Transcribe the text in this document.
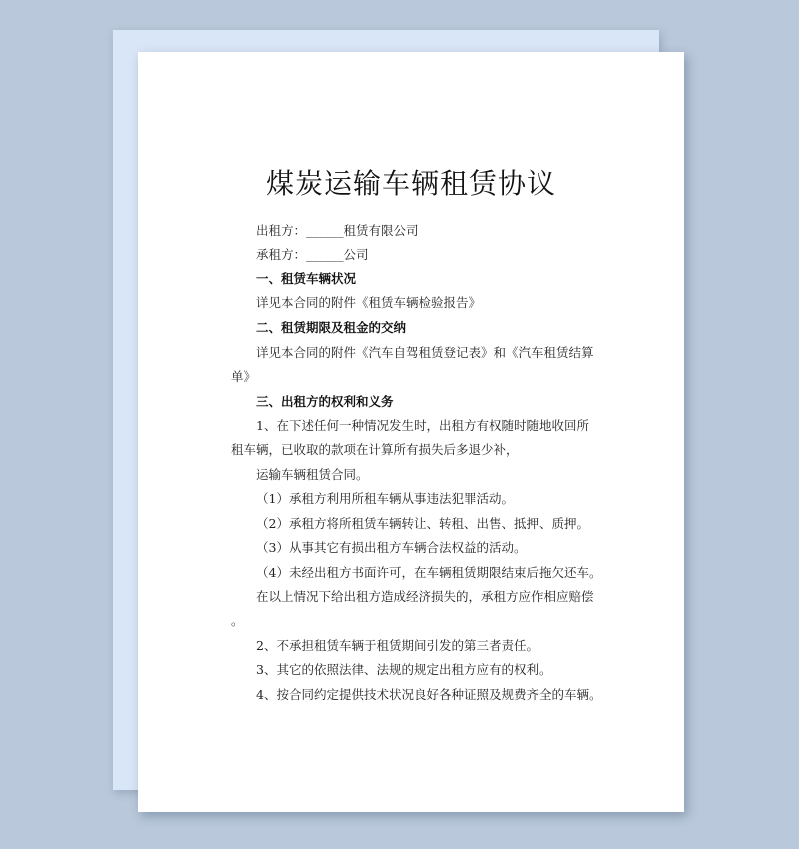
煤炭运输车辆租赁协议
出租方：______租赁有限公司
承租方：______公司
一、租赁车辆状况
详见本合同的附件《租赁车辆检验报告》
二、租赁期限及租金的交纳
详见本合同的附件《汽车自驾租赁登记表》和《汽车租赁结算
单》
三、出租方的权利和义务
1、在下述任何一种情况发生时，出租方有权随时随地收回所
租车辆，已收取的款项在计算所有损失后多退少补，
运输车辆租赁合同。
（1）承租方利用所租车辆从事违法犯罪活动。
（2）承租方将所租赁车辆转让、转租、出售、抵押、质押。
（3）从事其它有损出租方车辆合法权益的活动。
（4）未经出租方书面许可，在车辆租赁期限结束后拖欠还车。
在以上情况下给出租方造成经济损失的，承租方应作相应赔偿
。
2、不承担租赁车辆于租赁期间引发的第三者责任。
3、其它的依照法律、法规的规定出租方应有的权利。
4、按合同约定提供技术状况良好各种证照及规费齐全的车辆。
